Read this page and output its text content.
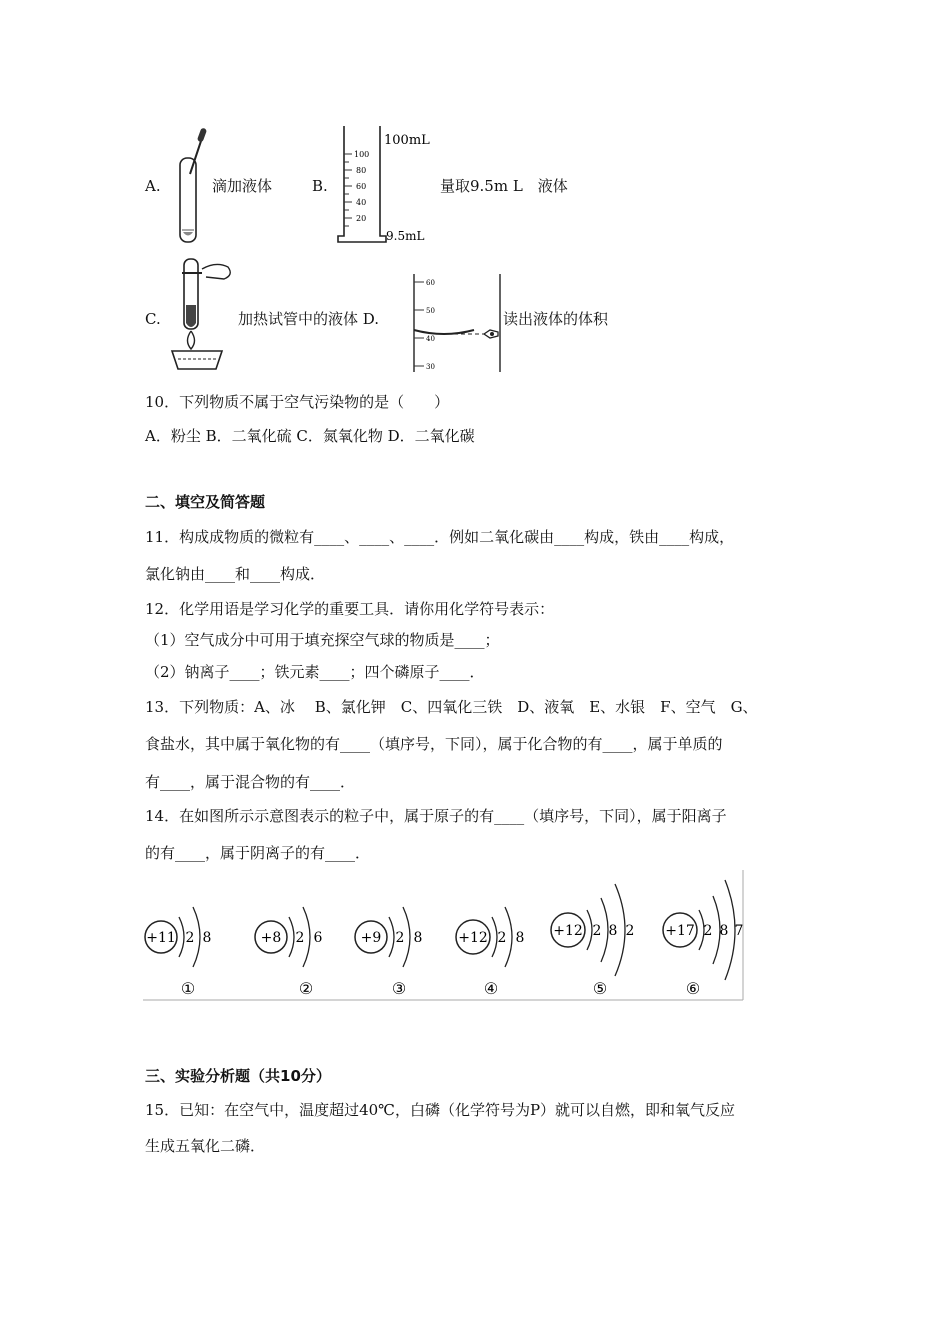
A.	滴加液体	B.
100
80
60
40
20
100mL
9.5mL
量取9.5m L　液体
C.	加热试管中的液体 D.
60
50
40
30
读出液体的体积
10．下列物质不属于空气污染物的是（　　）
A．粉尘 B．二氧化硫 C．氮氧化物 D．二氧化碳
二、填空及简答题
11．构成成物质的微粒有____、____、____．例如二氧化碳由____构成，铁由____构成，
氯化钠由____和____构成．
12．化学用语是学习化学的重要工具．请你用化学符号表示：
（1）空气成分中可用于填充探空气球的物质是____；
（2）钠离子____；铁元素____；四个磷原子____．
13．下列物质：A、冰　 B、氯化钾　C、四氧化三铁　D、液氧　E、水银　F、空气　G、
食盐水，其中属于氧化物的有____（填序号，下同），属于化合物的有____，属于单质的
有____，属于混合物的有____．
14．在如图所示示意图表示的粒子中，属于原子的有____（填序号，下同），属于阳离子
的有____，属于阴离子的有____．
+11 2 8
①
+8 2 6
②
+9 2 8
③
+12 2 8
④
+12 2 8 2
⑤
+17 2 8 7
⑥
三、实验分析题（共10分）
15．已知：在空气中，温度超过40℃，白磷（化学符号为P）就可以自燃，即和氧气反应
生成五氧化二磷．
